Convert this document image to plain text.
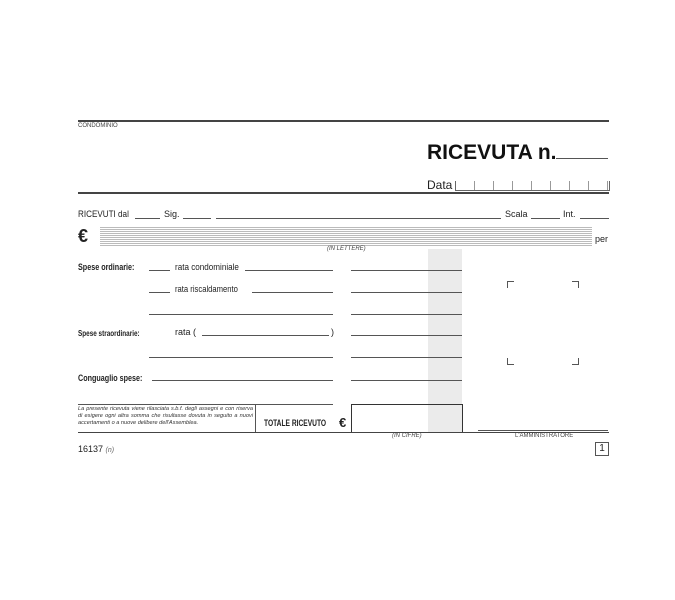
CONDOMINIO
RICEVUTA n.
Data
RICEVUTI dal	Sig.	Scala	Int.
€	per
(IN LETTERE)
Spese ordinarie:	rata condominiale
rata riscaldamento
Spese straordinarie:	rata (	)
Conguaglio spese:
La presente ricevuta viene rilasciata s.b.f. degli assegni e con riserva di esigere ogni altra somma che risultasse dovuta in seguito a nuovi accertamenti o a nuove delibere dell'Assemblea.	TOTALE RICEVUTO €
(IN CIFRE)	L'AMMINISTRATORE
16137 (n)	1
